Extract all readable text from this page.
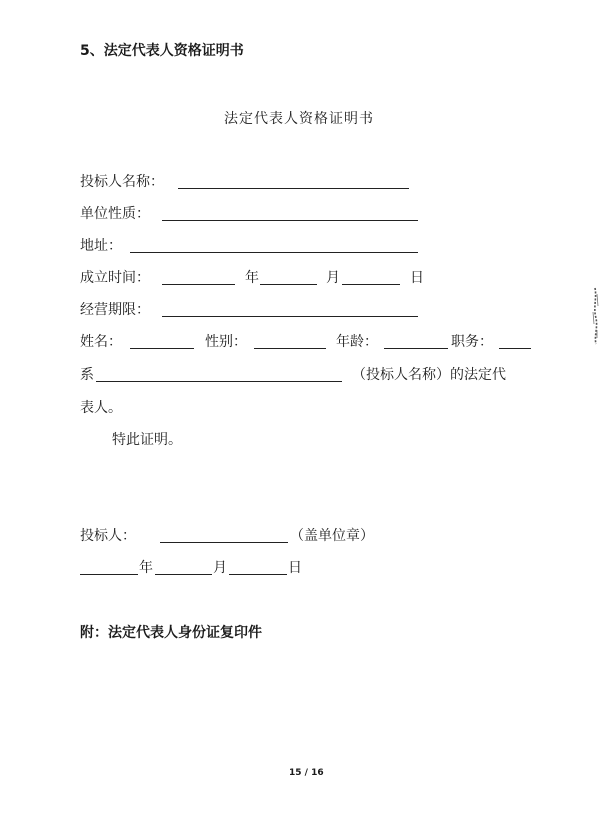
5、法定代表人资格证明书
法定代表人资格证明书
投标人名称：
单位性质：
地址：
成立时间：	年	月	日
经营期限：
姓名：	性别：	年龄：	职务：
系	（投标人名称）的法定代
表人。
特此证明。
投标人：	（盖单位章）
年	月	日
附：法定代表人身份证复印件
15 / 16
